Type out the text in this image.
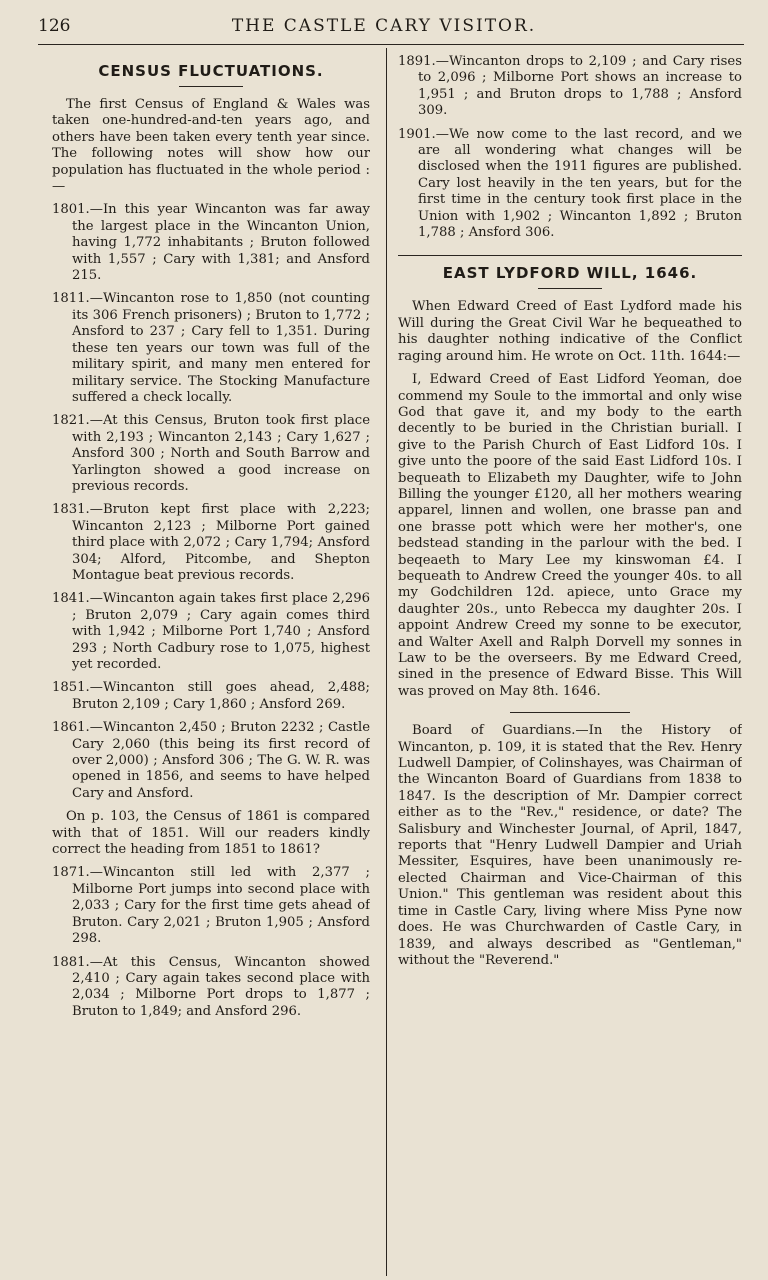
126	THE CASTLE CARY VISITOR.
CENSUS FLUCTUATIONS.

The first Census of England & Wales was taken one-hundred-and-ten years ago, and others have been taken every tenth year since. The following notes will show how our population has fluctuated in the whole period :—

1801.—In this year Wincanton was far away the largest place in the Wincanton Union, having 1,772 inhabitants ; Bruton followed with 1,557 ; Cary with 1,381; and Ansford 215.

1811.—Wincanton rose to 1,850 (not counting its 306 French prisoners) ; Bruton to 1,772 ; Ansford to 237 ; Cary fell to 1,351. During these ten years our town was full of the military spirit, and many men entered for military service. The Stocking Manufacture suffered a check locally.

1821.—At this Census, Bruton took first place with 2,193 ; Wincanton 2,143 ; Cary 1,627 ; Ansford 300 ; North and South Barrow and Yarlington showed a good increase on previous records.

1831.—Bruton kept first place with 2,223; Wincanton 2,123 ; Milborne Port gained third place with 2,072 ; Cary 1,794; Ansford 304; Alford, Pitcombe, and Shepton Montague beat previous records.

1841.—Wincanton again takes first place 2,296 ; Bruton 2,079 ; Cary again comes third with 1,942 ; Milborne Port 1,740 ; Ansford 293 ; North Cadbury rose to 1,075, highest yet recorded.

1851.—Wincanton still goes ahead, 2,488; Bruton 2,109 ; Cary 1,860 ; Ansford 269.

1861.—Wincanton 2,450 ; Bruton 2232 ; Castle Cary 2,060 (this being its first record of over 2,000) ; Ansford 306 ; The G. W. R. was opened in 1856, and seems to have helped Cary and Ansford.

On p. 103, the Census of 1861 is compared with that of 1851. Will our readers kindly correct the heading from 1851 to 1861?

1871.—Wincanton still led with 2,377 ; Milborne Port jumps into second place with 2,033 ; Cary for the first time gets ahead of Bruton. Cary 2,021 ; Bruton 1,905 ; Ansford 298.

1881.—At this Census, Wincanton showed 2,410 ; Cary again takes second place with 2,034 ; Milborne Port drops to 1,877 ; Bruton to 1,849; and Ansford 296.

1891.—Wincanton drops to 2,109 ; and Cary rises to 2,096 ; Milborne Port shows an increase to 1,951 ; and Bruton drops to 1,788 ; Ansford 309.

1901.—We now come to the last record, and we are all wondering what changes will be disclosed when the 1911 figures are published. Cary lost heavily in the ten years, but for the first time in the century took first place in the Union with 1,902 ; Wincanton 1,892 ; Bruton 1,788 ; Ansford 306.

EAST LYDFORD WILL, 1646.

When Edward Creed of East Lydford made his Will during the Great Civil War he bequeathed to his daughter nothing indicative of the Conflict raging around him. He wrote on Oct. 11th. 1644:—

I, Edward Creed of East Lidford Yeoman, doe commend my Soule to the immortal and only wise God that gave it, and my body to the earth decently to be buried in the Christian buriall. I give to the Parish Church of East Lidford 10s. I give unto the poore of the said East Lidford 10s. I bequeath to Elizabeth my Daughter, wife to John Billing the younger £120, all her mothers wearing apparel, linnen and wollen, one brasse pan and one brasse pott which were her mother's, one bedstead standing in the parlour with the bed. I beqeaeth to Mary Lee my kinswoman £4. I bequeath to Andrew Creed the younger 40s. to all my Godchildren 12d. apiece, unto Grace my daughter 20s., unto Rebecca my daughter 20s. I appoint Andrew Creed my sonne to be executor, and Walter Axell and Ralph Dorvell my sonnes in Law to be the overseers. By me Edward Creed, sined in the presence of Edward Bisse. This Will was proved on May 8th. 1646.

Board of Guardians.—In the History of Wincanton, p. 109, it is stated that the Rev. Henry Ludwell Dampier, of Colinshayes, was Chairman of the Wincanton Board of Guardians from 1838 to 1847. Is the description of Mr. Dampier correct either as to the "Rev.," residence, or date? The Salisbury and Winchester Journal, of April, 1847, reports that "Henry Ludwell Dampier and Uriah Messiter, Esquires, have been unanimously re-elected Chairman and Vice-Chairman of this Union." This gentleman was resident about this time in Castle Cary, living where Miss Pyne now does. He was Churchwarden of Castle Cary, in 1839, and always described as "Gentleman," without the "Reverend."
